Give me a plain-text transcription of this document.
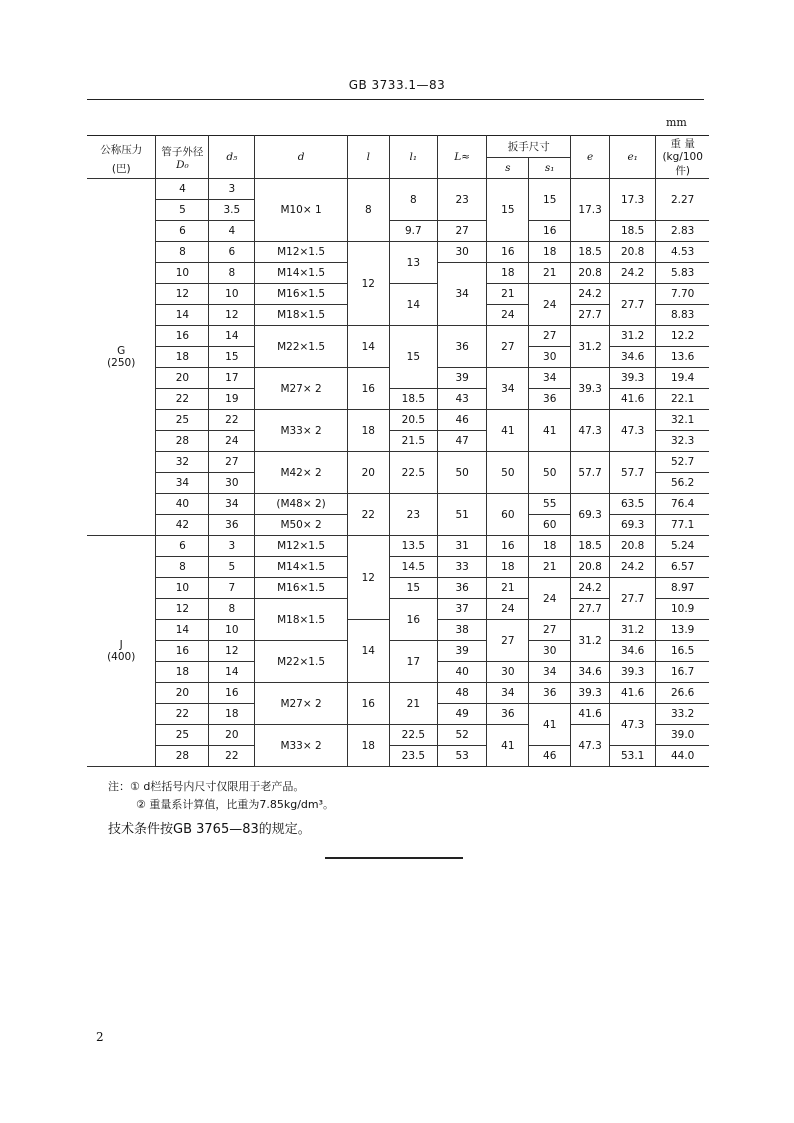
GB 3733.1—83
mm
公称压力
(巴)	管子外径
D₀	d₅	d	l	l₁	L≈	扳手尺寸		e	e₁	重 量
(kg/100件)
							s	s₁			
G
(250)	4	3	M10× 1	8	8	23	15	15	17.3	17.3	2.27
	5	3.5									
	6	4			9.7	27		16		18.5	2.83
	8	6	M12×1.5	12	13	30	16	18	18.5	20.8	4.53
	10	8	M14×1.5			34	18	21	20.8	24.2	5.83
	12	10	M16×1.5		14		21	24	24.2	27.7	7.70
	14	12	M18×1.5				24		27.7		8.83
	16	14	M22×1.5	14	15	36	27	27	31.2	31.2	12.2
	18	15						30		34.6	13.6
	20	17	M27× 2	16		39	34	34	39.3	39.3	19.4
	22	19			18.5	43		36		41.6	22.1
	25	22	M33× 2	18	20.5	46	41	41	47.3	47.3	32.1
	28	24			21.5	47					32.3
	32	27	M42× 2	20	22.5	50	50	50	57.7	57.7	52.7
	34	30									56.2
	40	34	(M48× 2)	22	23	51	60	55	69.3	63.5	76.4
	42	36	M50× 2					60		69.3	77.1
J
(400)	6	3	M12×1.5	12	13.5	31	16	18	18.5	20.8	5.24
	8	5	M14×1.5		14.5	33	18	21	20.8	24.2	6.57
	10	7	M16×1.5		15	36	21	24	24.2	27.7	8.97
	12	8	M18×1.5		16	37	24		27.7		10.9
	14	10		14		38	27	27	31.2	31.2	13.9
	16	12	M22×1.5		17	39		30		34.6	16.5
	18	14				40	30	34	34.6	39.3	16.7
	20	16	M27× 2	16	21	48	34	36	39.3	41.6	26.6
	22	18				49	36	41	41.6	47.3	33.2
	25	20	M33× 2	18	22.5	52	41		47.3		39.0
	28	22			23.5	53		46		53.1	44.0
注：① d栏括号内尺寸仅限用于老产品。
② 重量系计算值，比重为7.85kg/dm³。
技术条件按GB 3765—83的规定。
2
